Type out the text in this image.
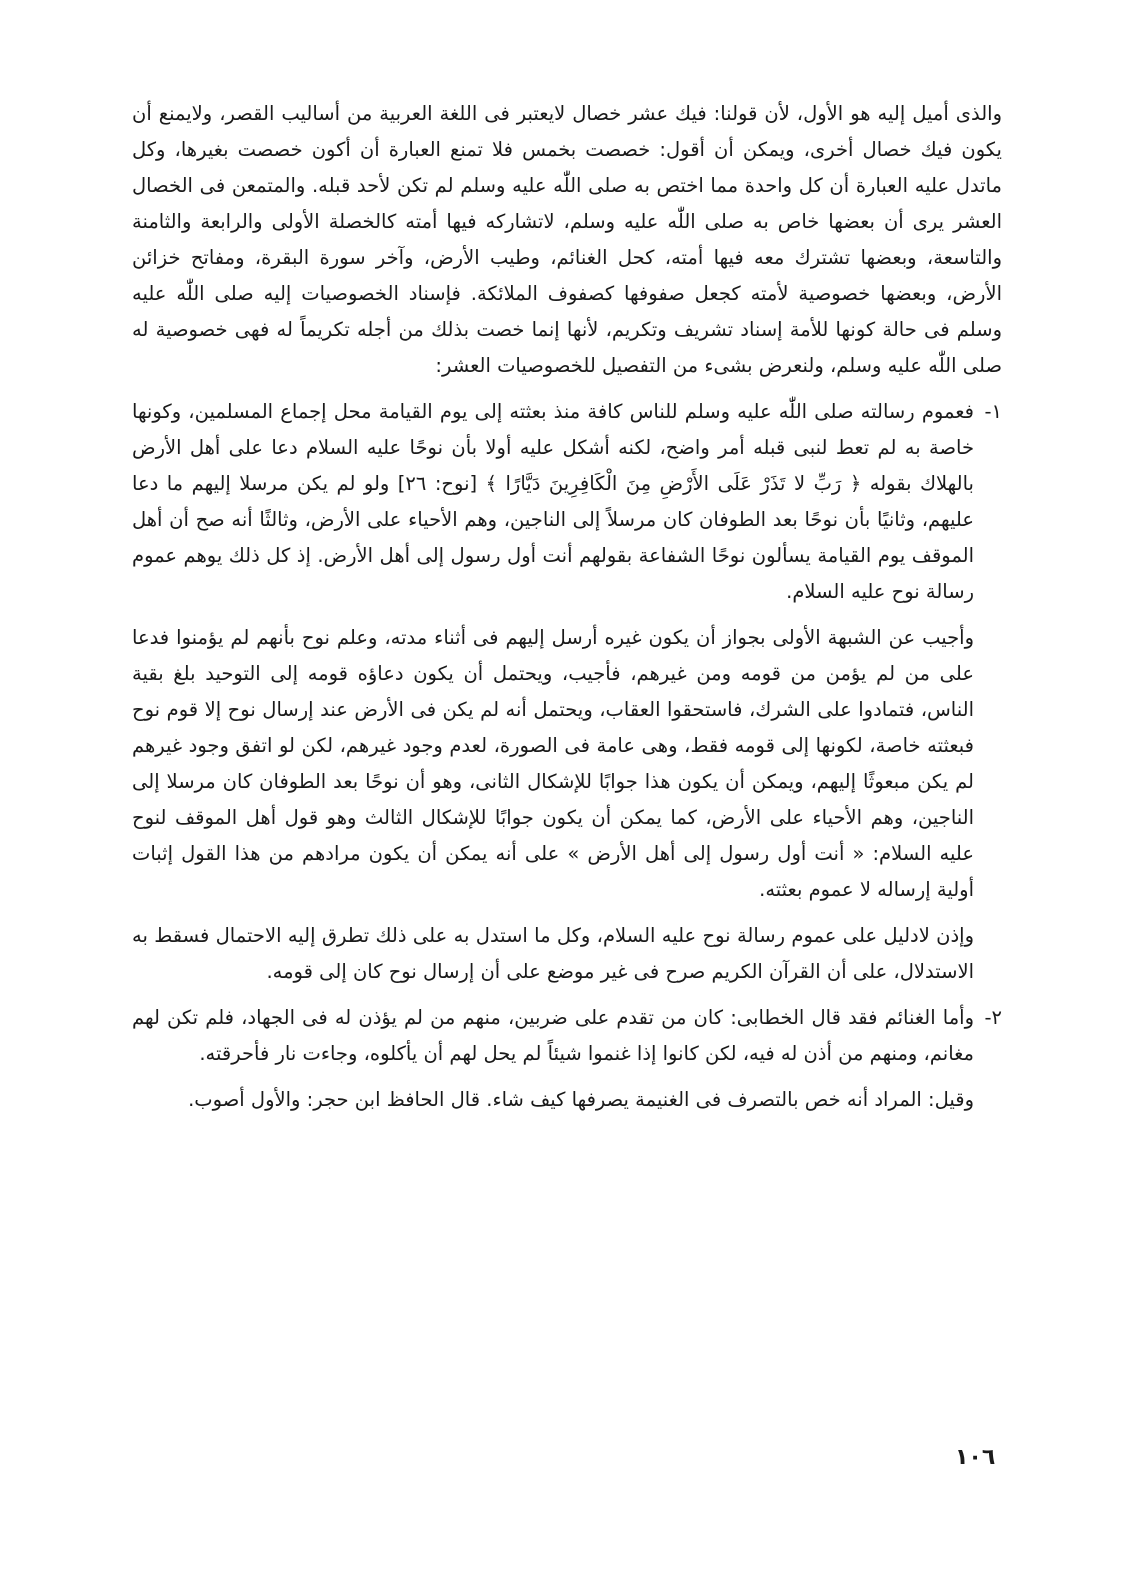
والذى أميل إليه هو الأول، لأن قولنا: فيك عشر خصال لايعتبر فى اللغة العربية من أساليب القصر، ولايمنع أن يكون فيك خصال أخرى، ويمكن أن أقول: خصصت بخمس فلا تمنع العبارة أن أكون خصصت بغيرها، وكل ماتدل عليه العبارة أن كل واحدة مما اختص به صلى اللّٰه عليه وسلم لم تكن لأحد قبله. والمتمعن فى الخصال العشر يرى أن بعضها خاص به صلى اللّٰه عليه وسلم، لاتشاركه فيها أمته كالخصلة الأولى والرابعة والثامنة والتاسعة، وبعضها تشترك معه فيها أمته، كحل الغنائم، وطيب الأرض، وآخر سورة البقرة، ومفاتح خزائن الأرض، وبعضها خصوصية لأمته كجعل صفوفها كصفوف الملائكة. فإسناد الخصوصيات إليه صلى اللّٰه عليه وسلم فى حالة كونها للأمة إسناد تشريف وتكريم، لأنها إنما خصت بذلك من أجله تكريماً له فهى خصوصية له صلى اللّٰه عليه وسلم، ولنعرض بشىء من التفصيل للخصوصيات العشر:

١-
فعموم رسالته صلى اللّٰه عليه وسلم للناس كافة منذ بعثته إلى يوم القيامة محل إجماع المسلمين، وكونها خاصة به لم تعط لنبى قبله أمر واضح، لكنه أشكل عليه أولا بأن نوحًا عليه السلام دعا على أهل الأرض بالهلاك بقوله ﴿ رَبِّ لا تَذَرْ عَلَى الأَرْضِ مِنَ الْكَافِرِينَ دَيَّارًا ﴾ [نوح: ٢٦] ولو لم يكن مرسلا إليهم ما دعا عليهم، وثانيًا بأن نوحًا بعد الطوفان كان مرسلاً إلى الناجين، وهم الأحياء على الأرض، وثالثًا أنه صح أن أهل الموقف يوم القيامة يسألون نوحًا الشفاعة بقولهم أنت أول رسول إلى أهل الأرض. إذ كل ذلك يوهم عموم رسالة نوح عليه السلام.

وأجيب عن الشبهة الأولى بجواز أن يكون غيره أرسل إليهم فى أثناء مدته، وعلم نوح بأنهم لم يؤمنوا فدعا على من لم يؤمن من قومه ومن غيرهم، فأجيب، ويحتمل أن يكون دعاؤه قومه إلى التوحيد بلغ بقية الناس، فتمادوا على الشرك، فاستحقوا العقاب، ويحتمل أنه لم يكن فى الأرض عند إرسال نوح إلا قوم نوح فبعثته خاصة، لكونها إلى قومه فقط، وهى عامة فى الصورة، لعدم وجود غيرهم، لكن لو اتفق وجود غيرهم لم يكن مبعوثًا إليهم، ويمكن أن يكون هذا جوابًا للإشكال الثانى، وهو أن نوحًا بعد الطوفان كان مرسلا إلى الناجين، وهم الأحياء على الأرض، كما يمكن أن يكون جوابًا للإشكال الثالث وهو قول أهل الموقف لنوح عليه السلام: « أنت أول رسول إلى أهل الأرض » على أنه يمكن أن يكون مرادهم من هذا القول إثبات أولية إرساله لا عموم بعثته.

وإذن لادليل على عموم رسالة نوح عليه السلام، وكل ما استدل به على ذلك تطرق إليه الاحتمال فسقط به الاستدلال، على أن القرآن الكريم صرح فى غير موضع على أن إرسال نوح كان إلى قومه.

٢-
وأما الغنائم فقد قال الخطابى: كان من تقدم على ضربين، منهم من لم يؤذن له فى الجهاد، فلم تكن لهم مغانم، ومنهم من أذن له فيه، لكن كانوا إذا غنموا شيئاً لم يحل لهم أن يأكلوه، وجاءت نار فأحرقته.

وقيل: المراد أنه خص بالتصرف فى الغنيمة يصرفها كيف شاء. قال الحافظ ابن حجر: والأول أصوب.

١٠٦
